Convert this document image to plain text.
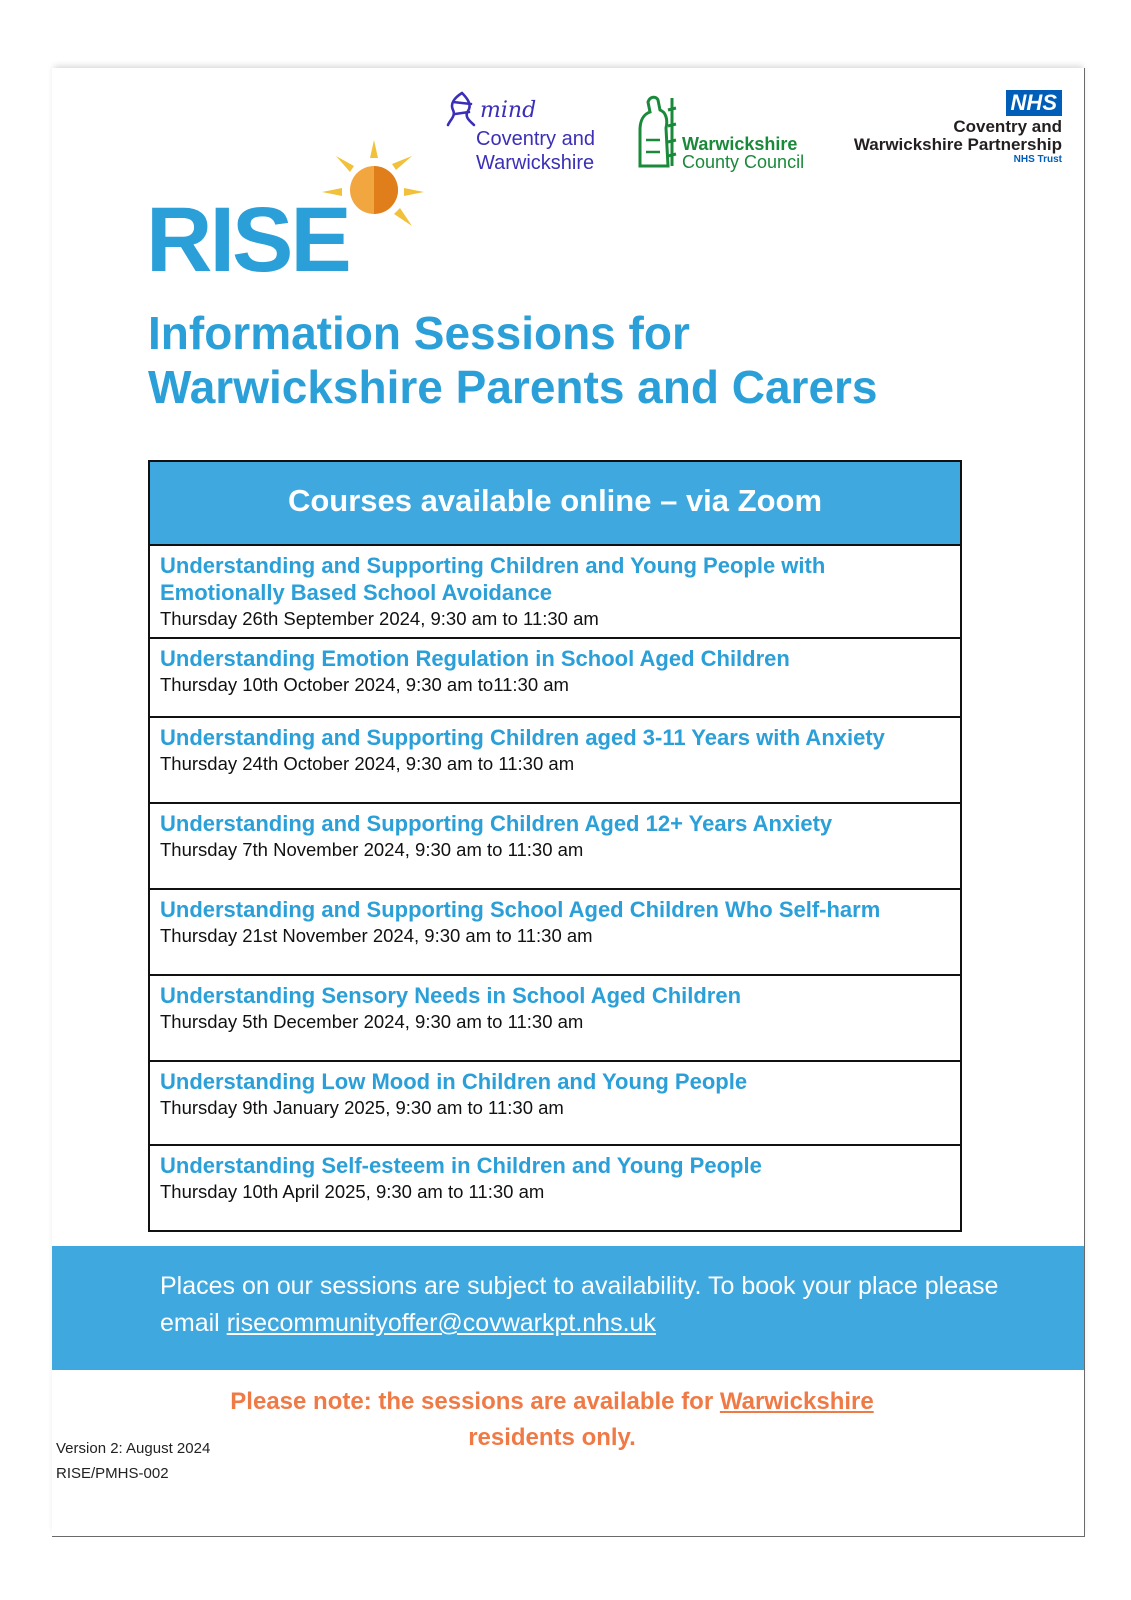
mind
Coventry and
Warwickshire
Warwickshire
County Council
NHS
Coventry and
Warwickshire Partnership
NHS Trust
RISE
Information Sessions for
Warwickshire Parents and Carers
Courses available online – via Zoom
Understanding and Supporting Children and Young People with Emotionally Based School Avoidance
Thursday 26th September 2024, 9:30 am to 11:30 am
Understanding Emotion Regulation in School Aged Children
Thursday 10th October 2024, 9:30 am to11:30 am
Understanding and Supporting Children aged 3-11 Years with Anxiety
Thursday 24th October 2024, 9:30 am to 11:30 am
Understanding and Supporting Children Aged 12+ Years Anxiety
Thursday 7th November 2024, 9:30 am to 11:30 am
Understanding and Supporting School Aged Children Who Self-harm
Thursday 21st November 2024, 9:30 am to 11:30 am
Understanding Sensory Needs in School Aged Children
Thursday 5th December 2024, 9:30 am to 11:30 am
Understanding Low Mood in Children and Young People
Thursday 9th January 2025, 9:30 am to 11:30 am
Understanding Self-esteem in Children and Young People
Thursday 10th April 2025, 9:30 am to 11:30 am
Places on our sessions are subject to availability. To book your place please email risecommunityoffer@covwarkpt.nhs.uk
Please note: the sessions are available for Warwickshire
residents only.
Version 2: August 2024
RISE/PMHS-002
